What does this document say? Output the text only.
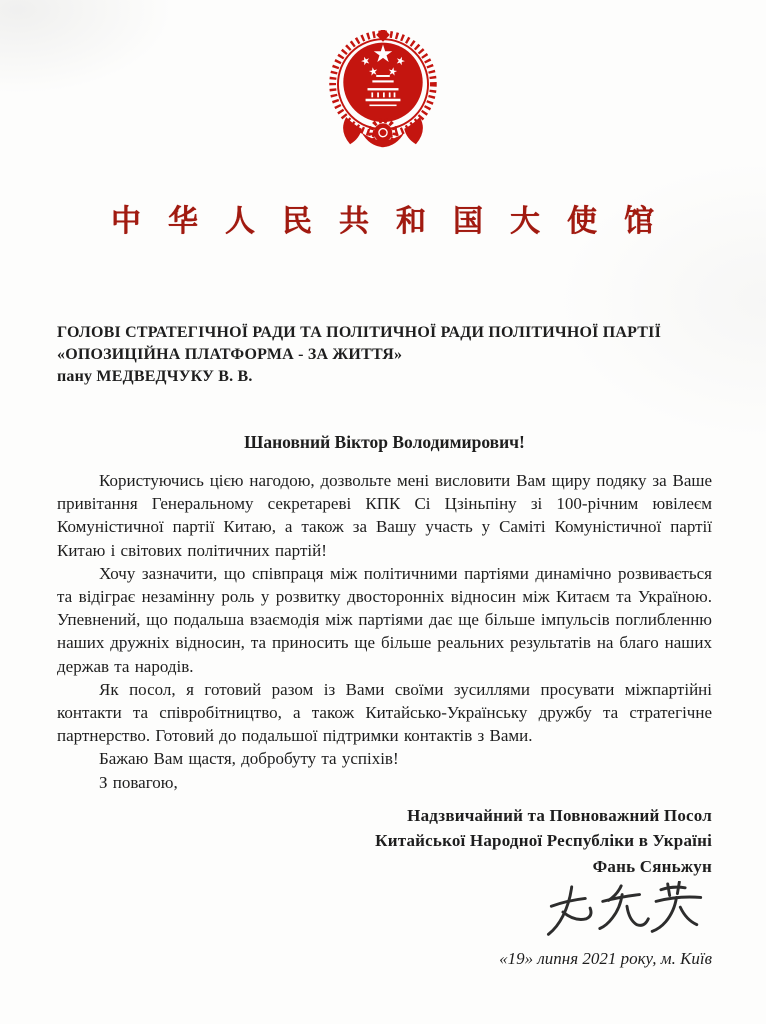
中华人民共和国大使馆
ГОЛОВІ СТРАТЕГІЧНОЇ РАДИ ТА ПОЛІТИЧНОЇ РАДИ ПОЛІТИЧНОЇ ПАРТІЇ
«ОПОЗИЦІЙНА ПЛАТФОРМА - ЗА ЖИТТЯ»
пану МЕДВЕДЧУКУ В. В.
Шановний Віктор Володимирович!

Користуючись цією нагодою, дозвольте мені висловити Вам щиру подяку за Ваше привітання Генеральному секретареві КПК Сі Цзіньпіну зі 100-річним ювілеєм Комуністичної партії Китаю, а також за Вашу участь у Саміті Комуністичної партії Китаю і світових політичних партій!

Хочу зазначити, що співпраця між політичними партіями динамічно розвивається та відіграє незамінну роль у розвитку двосторонніх відносин між Китаєм та Україною. Упевнений, що подальша взаємодія між партіями дає ще більше імпульсів поглибленню наших дружніх відносин, та приносить ще більше реальних результатів на благо наших держав та народів.

Як посол, я готовий разом із Вами своїми зусиллями просувати міжпартійні контакти та співробітництво, а також Китайсько-Українську дружбу та стратегічне партнерство. Готовий до подальшої підтримки контактів з Вами.

Бажаю Вам щастя, добробуту та успіхів!

З повагою,

Надзвичайний та Повноважний Посол
Китайської Народної Республіки в Україні
Фань Сяньжун
«19» липня 2021 року, м. Київ
